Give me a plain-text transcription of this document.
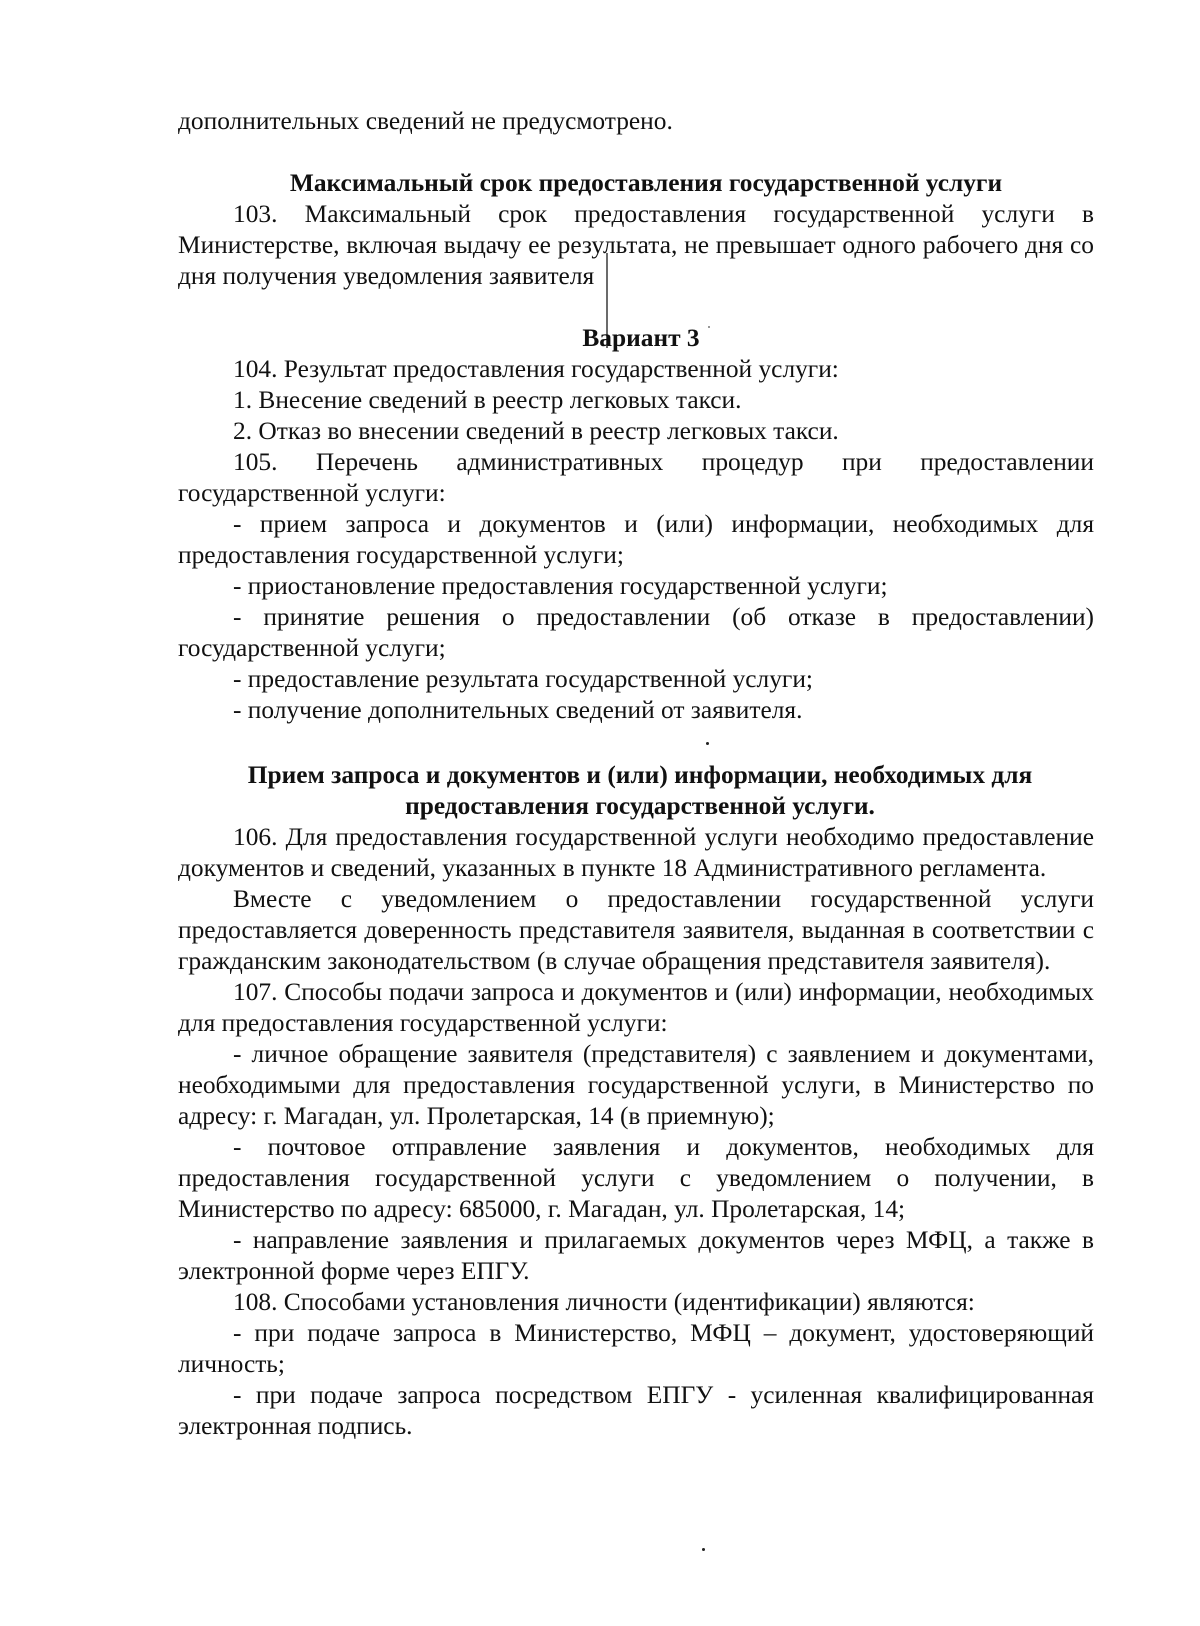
дополнительных сведений не предусмотрено.

Максимальный срок предоставления государственной услуги

103. Максимальный срок предоставления государственной услуги в Министерстве, включая выдачу ее результата, не превышает одного рабочего дня со дня получения уведомления заявителя

Вариант 3

104. Результат предоставления государственной услуги:

1. Внесение сведений в реестр легковых такси.

2. Отказ во внесении сведений в реестр легковых такси.

105. Перечень административных процедур при предоставлении государственной услуги:

- прием запроса и документов и (или) информации, необходимых для предоставления государственной услуги;

- приостановление предоставления государственной услуги;

- принятие решения о предоставлении (об отказе в предоставлении) государственной услуги;

- предоставление результата государственной услуги;

- получение дополнительных сведений от заявителя.

Прием запроса и документов и (или) информации, необходимых для

предоставления государственной услуги.

106. Для предоставления государственной услуги необходимо предоставление документов и сведений, указанных в пункте 18 Административного регламента.

Вместе с уведомлением о предоставлении государственной услуги предоставляется доверенность представителя заявителя, выданная в соответствии с гражданским законодательством (в случае обращения представителя заявителя).

107. Способы подачи запроса и документов и (или) информации, необходимых для предоставления государственной услуги:

- личное обращение заявителя (представителя) с заявлением и документами, необходимыми для предоставления государственной услуги, в Министерство по адресу: г. Магадан, ул. Пролетарская, 14 (в приемную);

- почтовое отправление заявления и документов, необходимых для предоставления государственной услуги с уведомлением о получении, в Министерство по адресу: 685000, г. Магадан, ул. Пролетарская, 14;

- направление заявления и прилагаемых документов через МФЦ, а также в электронной форме через ЕПГУ.

108. Способами установления личности (идентификации) являются:

- при подаче запроса в Министерство, МФЦ – документ, удостоверяющий личность;

- при подаче запроса посредством ЕПГУ - усиленная квалифицированная электронная подпись.
